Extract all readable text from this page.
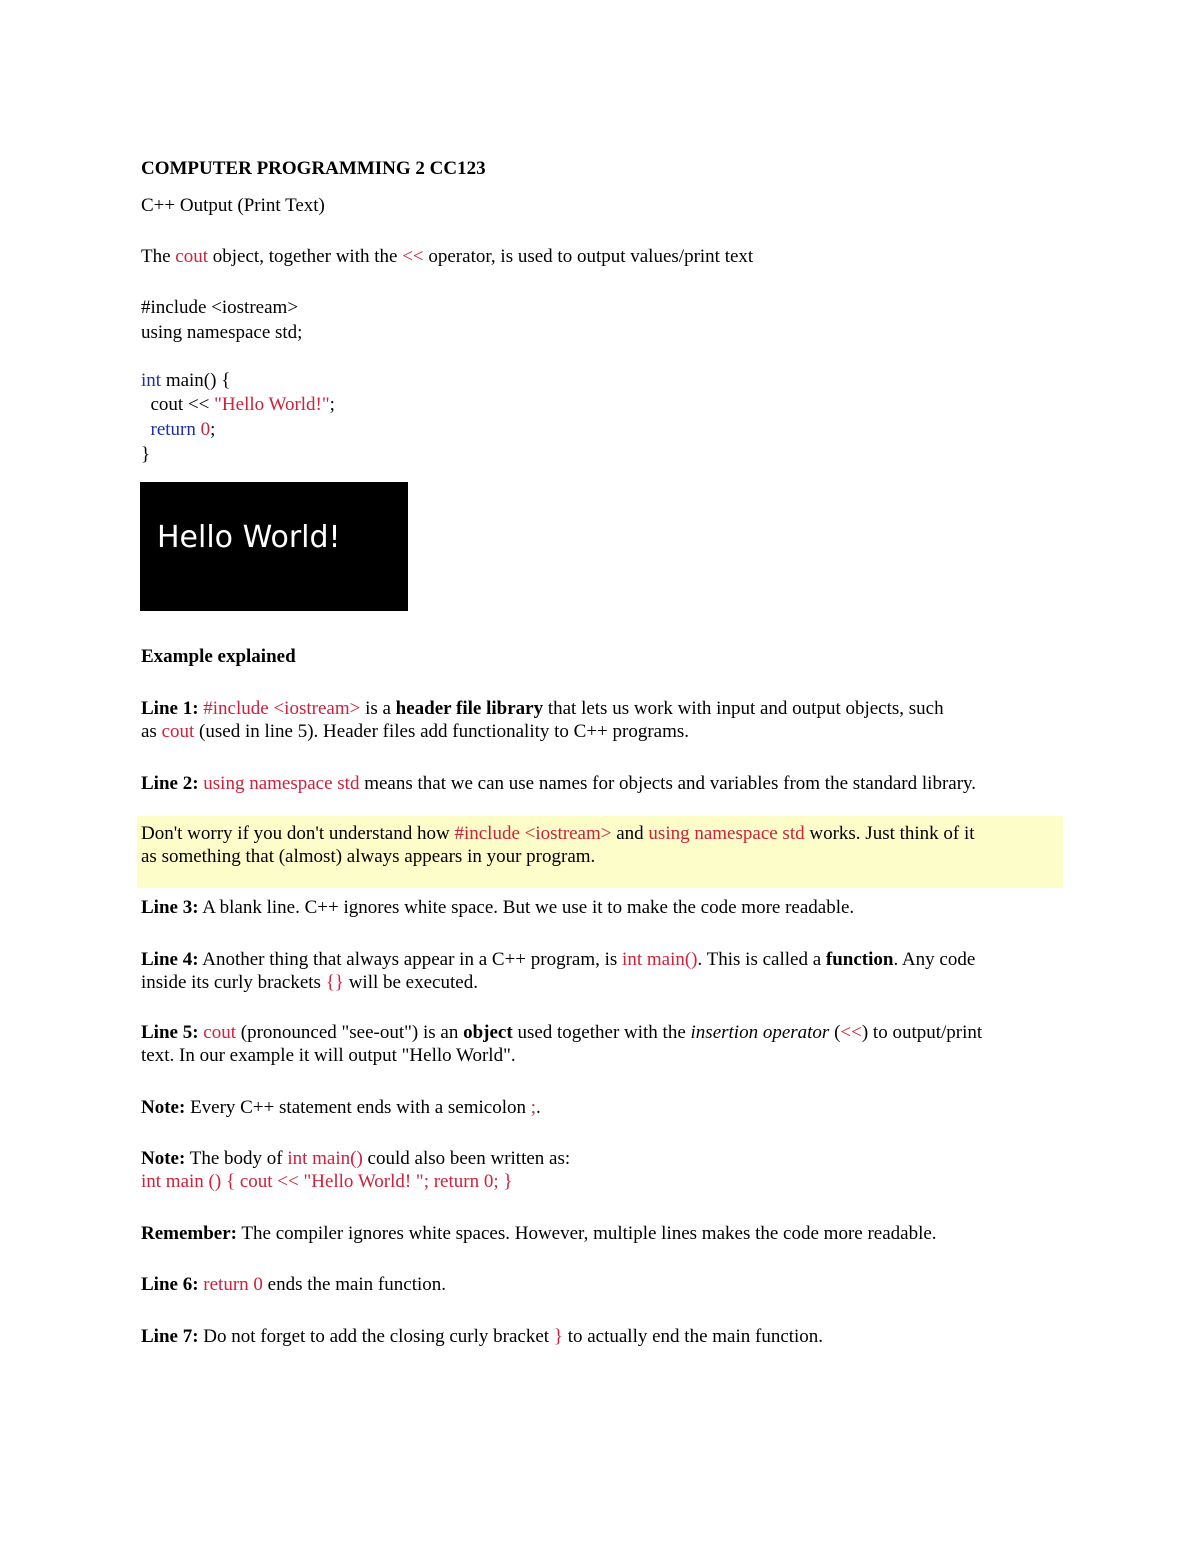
COMPUTER PROGRAMMING 2 CC123
C++ Output (Print Text)
The cout object, together with the << operator, is used to output values/print text
#include <iostream>
using namespace std;
int main() {
cout << "Hello World!";
return 0;
}
Hello World!
Example explained
Line 1: #include <iostream> is a header file library that lets us work with input and output objects, such
as cout (used in line 5). Header files add functionality to C++ programs.
Line 2: using namespace std means that we can use names for objects and variables from the standard library.
Don't worry if you don't understand how #include <iostream> and using namespace std works. Just think of it
as something that (almost) always appears in your program.
Line 3: A blank line. C++ ignores white space. But we use it to make the code more readable.
Line 4: Another thing that always appear in a C++ program, is int main(). This is called a function. Any code
inside its curly brackets {} will be executed.
Line 5: cout (pronounced "see-out") is an object used together with the insertion operator (<<) to output/print
text. In our example it will output "Hello World".
Note: Every C++ statement ends with a semicolon ;.
Note: The body of int main() could also been written as:
int main () { cout << "Hello World! "; return 0; }
Remember: The compiler ignores white spaces. However, multiple lines makes the code more readable.
Line 6: return 0 ends the main function.
Line 7: Do not forget to add the closing curly bracket } to actually end the main function.
